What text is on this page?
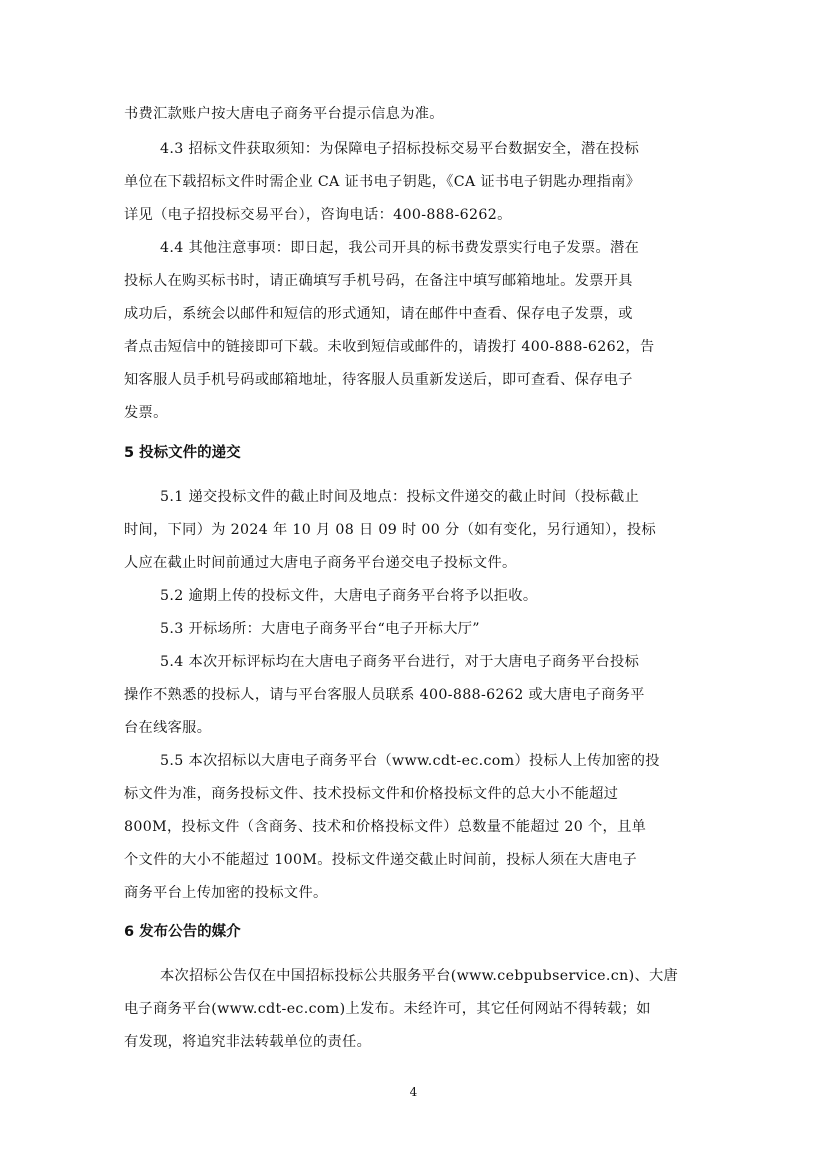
书费汇款账户按大唐电子商务平台提示信息为准。
4.3 招标文件获取须知：为保障电子招标投标交易平台数据安全，潜在投标
单位在下载招标文件时需企业 CA 证书电子钥匙，《CA 证书电子钥匙办理指南》
详见（电子招投标交易平台），咨询电话：400-888-6262。
4.4 其他注意事项：即日起，我公司开具的标书费发票实行电子发票。潜在
投标人在购买标书时，请正确填写手机号码，在备注中填写邮箱地址。发票开具
成功后，系统会以邮件和短信的形式通知，请在邮件中查看、保存电子发票，或
者点击短信中的链接即可下载。未收到短信或邮件的，请拨打 400-888-6262，告
知客服人员手机号码或邮箱地址，待客服人员重新发送后，即可查看、保存电子
发票。
5 投标文件的递交
5.1 递交投标文件的截止时间及地点：投标文件递交的截止时间（投标截止
时间，下同）为 2024 年 10 月 08 日 09 时 00 分（如有变化，另行通知），投标
人应在截止时间前通过大唐电子商务平台递交电子投标文件。
5.2 逾期上传的投标文件，大唐电子商务平台将予以拒收。
5.3 开标场所：大唐电子商务平台“电子开标大厅”
5.4 本次开标评标均在大唐电子商务平台进行，对于大唐电子商务平台投标
操作不熟悉的投标人，请与平台客服人员联系 400-888-6262 或大唐电子商务平
台在线客服。
5.5 本次招标以大唐电子商务平台（www.cdt-ec.com）投标人上传加密的投
标文件为准，商务投标文件、技术投标文件和价格投标文件的总大小不能超过
800M，投标文件（含商务、技术和价格投标文件）总数量不能超过 20 个，且单
个文件的大小不能超过 100M。投标文件递交截止时间前，投标人须在大唐电子
商务平台上传加密的投标文件。
6 发布公告的媒介
本次招标公告仅在中国招标投标公共服务平台(www.cebpubservice.cn)、大唐
电子商务平台(www.cdt-ec.com)上发布。未经许可，其它任何网站不得转载；如
有发现，将追究非法转载单位的责任。
4
